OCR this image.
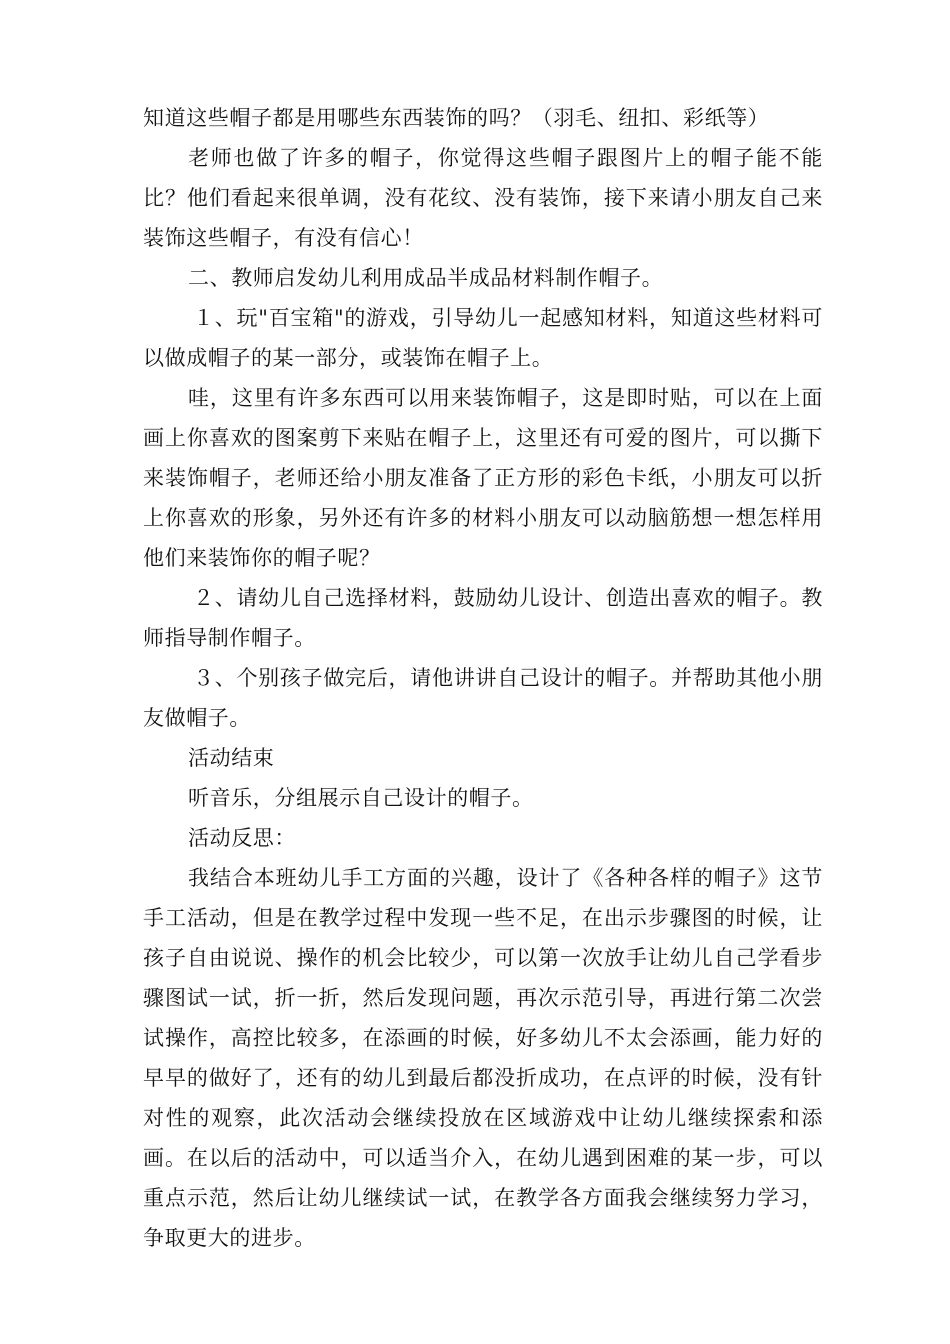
知道这些帽子都是用哪些东西装饰的吗？（羽毛、纽扣、彩纸等）

老师也做了许多的帽子，你觉得这些帽子跟图片上的帽子能不能比？他们看起来很单调，没有花纹、没有装饰，接下来请小朋友自己来装饰这些帽子，有没有信心！

二、教师启发幼儿利用成品半成品材料制作帽子。

１、玩"百宝箱"的游戏，引导幼儿一起感知材料，知道这些材料可以做成帽子的某一部分，或装饰在帽子上。

哇，这里有许多东西可以用来装饰帽子，这是即时贴，可以在上面画上你喜欢的图案剪下来贴在帽子上，这里还有可爱的图片，可以撕下来装饰帽子，老师还给小朋友准备了正方形的彩色卡纸，小朋友可以折上你喜欢的形象，另外还有许多的材料小朋友可以动脑筋想一想怎样用他们来装饰你的帽子呢？

２、请幼儿自己选择材料，鼓励幼儿设计、创造出喜欢的帽子。教师指导制作帽子。

３、个别孩子做完后，请他讲讲自己设计的帽子。并帮助其他小朋友做帽子。

活动结束

听音乐，分组展示自己设计的帽子。

活动反思：

我结合本班幼儿手工方面的兴趣，设计了《各种各样的帽子》这节手工活动，但是在教学过程中发现一些不足，在出示步骤图的时候，让孩子自由说说、操作的机会比较少，可以第一次放手让幼儿自己学看步骤图试一试，折一折，然后发现问题，再次示范引导，再进行第二次尝试操作，高控比较多，在添画的时候，好多幼儿不太会添画，能力好的早早的做好了，还有的幼儿到最后都没折成功，在点评的时候，没有针对性的观察，此次活动会继续投放在区域游戏中让幼儿继续探索和添画。在以后的活动中，可以适当介入，在幼儿遇到困难的某一步，可以重点示范，然后让幼儿继续试一试，在教学各方面我会继续努力学习，争取更大的进步。
